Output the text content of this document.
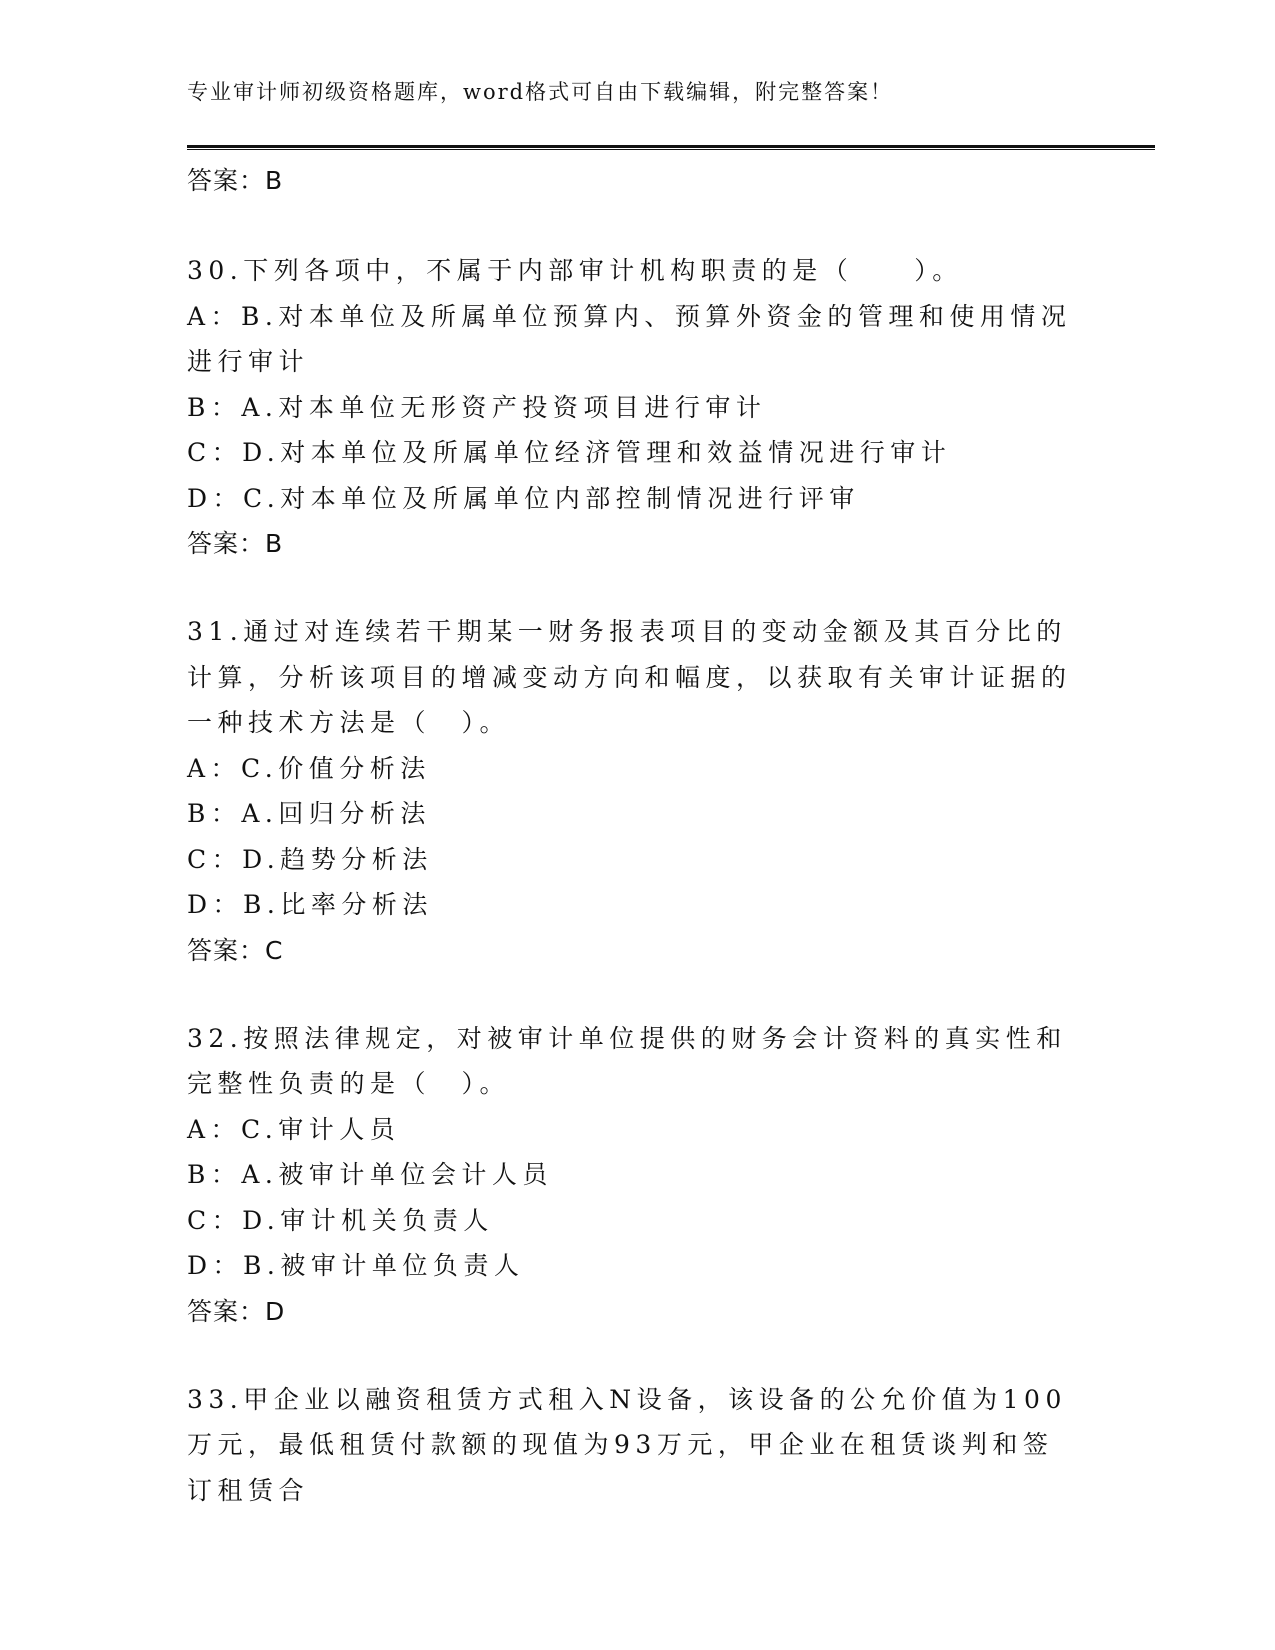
专业审计师初级资格题库，word格式可自由下载编辑，附完整答案！
答案：B
30.下列各项中，不属于内部审计机构职责的是（　　）。
A：B.对本单位及所属单位预算内、预算外资金的管理和使用情况进行审计
B：A.对本单位无形资产投资项目进行审计
C：D.对本单位及所属单位经济管理和效益情况进行审计
D：C.对本单位及所属单位内部控制情况进行评审
答案：B
31.通过对连续若干期某一财务报表项目的变动金额及其百分比的计算，分析该项目的增减变动方向和幅度，以获取有关审计证据的一种技术方法是（　）。
A：C.价值分析法
B：A.回归分析法
C：D.趋势分析法
D：B.比率分析法
答案：C
32.按照法律规定，对被审计单位提供的财务会计资料的真实性和完整性负责的是（　）。
A：C.审计人员
B：A.被审计单位会计人员
C：D.审计机关负责人
D：B.被审计单位负责人
答案：D
33.甲企业以融资租赁方式租入N设备，该设备的公允价值为100万元，最低租赁付款额的现值为93万元，甲企业在租赁谈判和签订租赁合
